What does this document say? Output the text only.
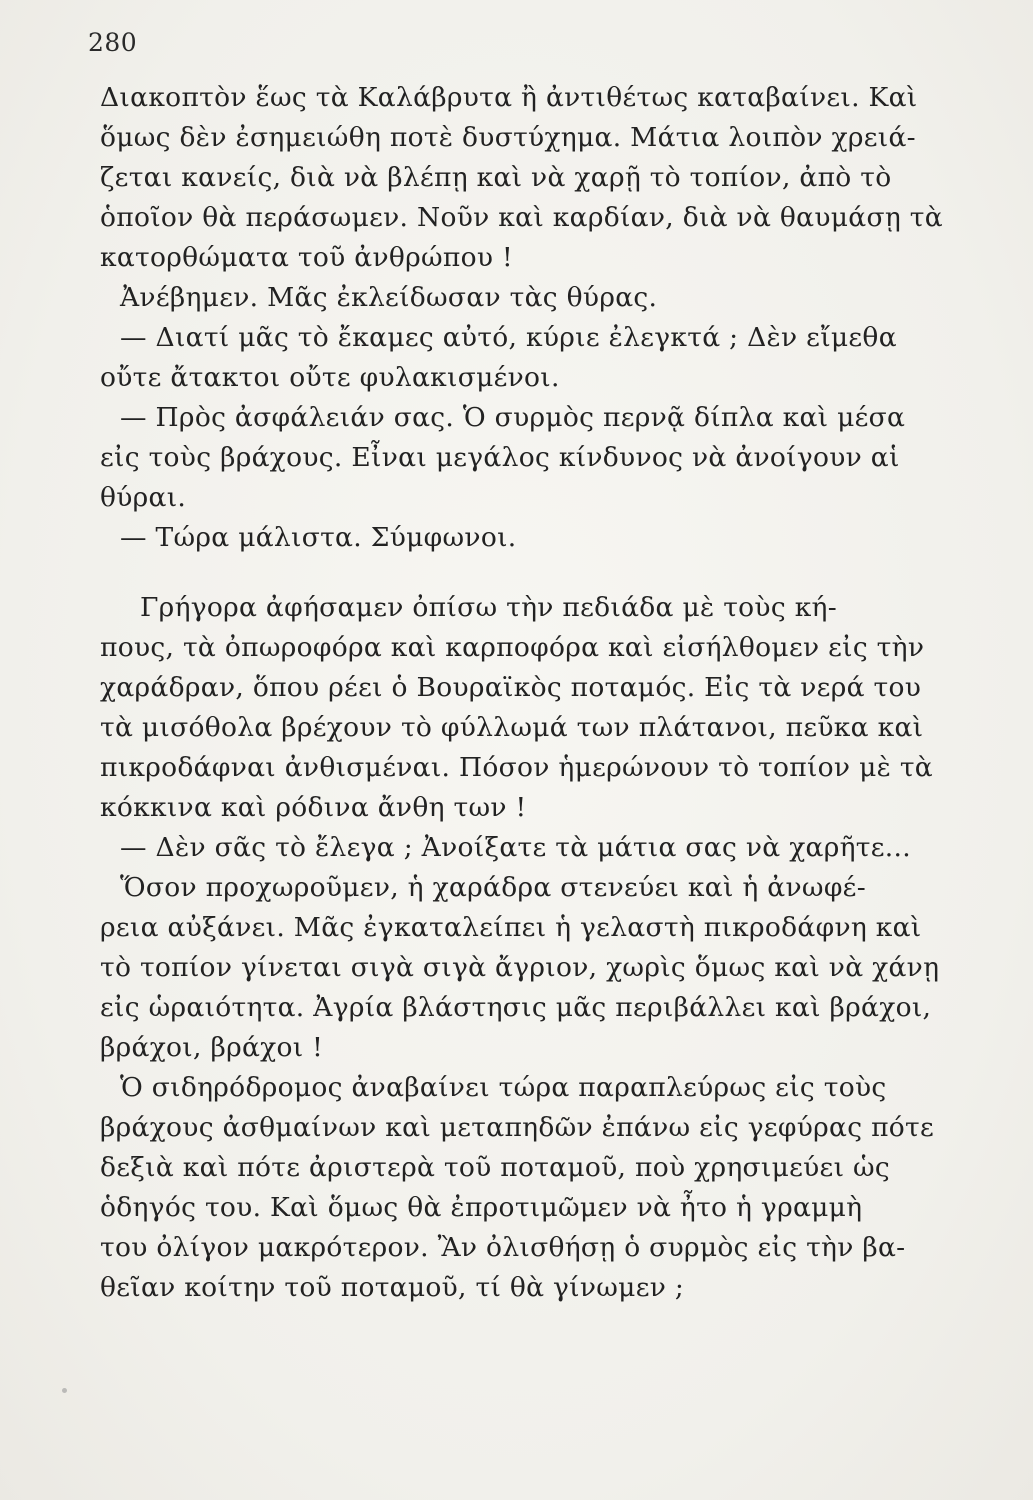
280
Διακοπτὸν ἕως τὰ Καλάβρυτα ἢ ἀντιθέτως καταβαίνει. Καὶ
ὅμως δὲν ἐσημειώθη ποτὲ δυστύχημα. Μάτια λοιπὸν χρειά-
ζεται κανείς, διὰ νὰ βλέπῃ καὶ νὰ χαρῇ τὸ τοπίον, ἀπὸ τὸ
ὁποῖον θὰ περάσωμεν. Νοῦν καὶ καρδίαν, διὰ νὰ θαυμάσῃ τὰ
κατορθώματα τοῦ ἀνθρώπου !
Ἀνέβημεν. Μᾶς ἐκλείδωσαν τὰς θύρας.
— Διατί μᾶς τὸ ἔκαμες αὐτό, κύριε ἐλεγκτά ; Δὲν εἴμεθα
οὔτε ἄτακτοι οὔτε φυλακισμένοι.
— Πρὸς ἀσφάλειάν σας. Ὁ συρμὸς περνᾷ δίπλα καὶ μέσα
εἰς τοὺς βράχους. Εἶναι μεγάλος κίνδυνος νὰ ἀνοίγουν αἱ
θύραι.
— Τώρα μάλιστα. Σύμφωνοι.
Γρήγορα ἀφήσαμεν ὀπίσω τὴν πεδιάδα μὲ τοὺς κή-
πους, τὰ ὀπωροφόρα καὶ καρποφόρα καὶ εἰσήλθομεν εἰς τὴν
χαράδραν, ὅπου ρέει ὁ Βουραϊκὸς ποταμός. Εἰς τὰ νερά του
τὰ μισόθολα βρέχουν τὸ φύλλωμά των πλάτανοι, πεῦκα καὶ
πικροδάφναι ἀνθισμέναι. Πόσον ἡμερώνουν τὸ τοπίον μὲ τὰ
κόκκινα καὶ ρόδινα ἄνθη των !
— Δὲν σᾶς τὸ ἔλεγα ; Ἀνοίξατε τὰ μάτια σας νὰ χαρῆτε...
Ὅσον προχωροῦμεν, ἡ χαράδρα στενεύει καὶ ἡ ἀνωφέ-
ρεια αὐξάνει. Μᾶς ἐγκαταλείπει ἡ γελαστὴ πικροδάφνη καὶ
τὸ τοπίον γίνεται σιγὰ σιγὰ ἄγριον, χωρὶς ὅμως καὶ νὰ χάνῃ
εἰς ὡραιότητα. Ἀγρία βλάστησις μᾶς περιβάλλει καὶ βράχοι,
βράχοι, βράχοι !
Ὁ σιδηρόδρομος ἀναβαίνει τώρα παραπλεύρως εἰς τοὺς
βράχους ἀσθμαίνων καὶ μεταπηδῶν ἐπάνω εἰς γεφύρας πότε
δεξιὰ καὶ πότε ἀριστερὰ τοῦ ποταμοῦ, ποὺ χρησιμεύει ὡς
ὁδηγός του. Καὶ ὅμως θὰ ἐπροτιμῶμεν νὰ ἦτο ἡ γραμμὴ
του ὀλίγον μακρότερον. Ἂν ὀλισθήσῃ ὁ συρμὸς εἰς τὴν βα-
θεῖαν κοίτην τοῦ ποταμοῦ, τί θὰ γίνωμεν ;
